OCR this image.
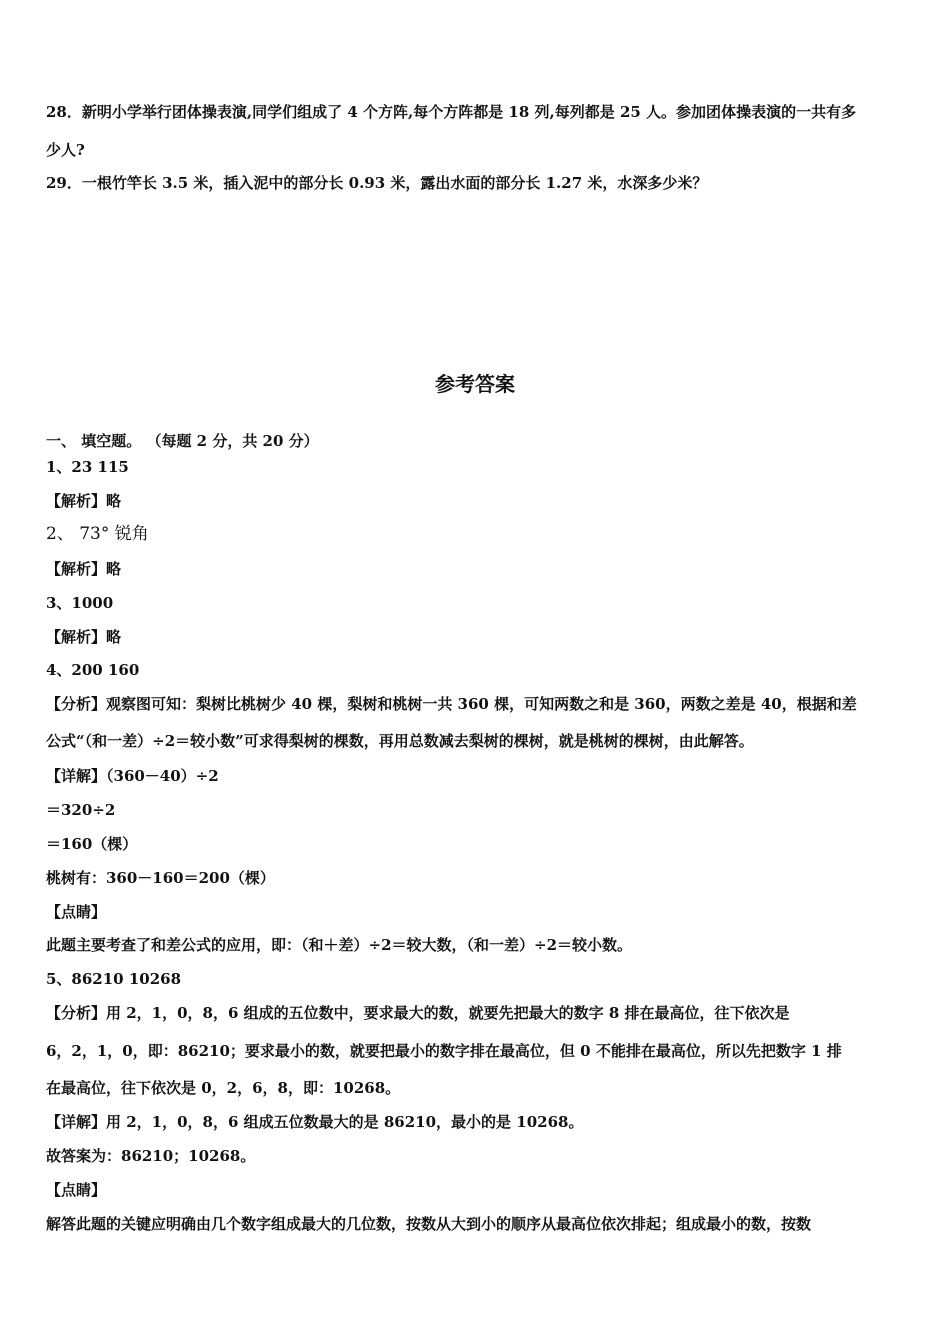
28．新明小学举行团体操表演,同学们组成了 4 个方阵,每个方阵都是 18 列,每列都是 25 人。参加团体操表演的一共有多
少人?
29．一根竹竿长 3.5 米，插入泥中的部分长 0.93 米，露出水面的部分长 1.27 米，水深多少米？
参考答案
一、 填空题。 （每题 2 分，共 20 分）
1、23 115
【解析】略
2、 73° 锐角
【解析】略
3、1000
【解析】略
4、200 160
【分析】观察图可知：梨树比桃树少 40 棵，梨树和桃树一共 360 棵，可知两数之和是 360，两数之差是 40，根据和差
公式“（和一差）÷2＝较小数”可求得梨树的棵数，再用总数减去梨树的棵树，就是桃树的棵树，由此解答。
【详解】（360－40）÷2
＝320÷2
＝160（棵）
桃树有：360－160＝200（棵）
【点睛】
此题主要考查了和差公式的应用，即：（和＋差）÷2＝较大数，（和一差）÷2＝较小数。
5、86210 10268
【分析】用 2，1，0，8，6 组成的五位数中，要求最大的数，就要先把最大的数字 8 排在最高位，往下依次是
6，2，1，0，即：86210；要求最小的数，就要把最小的数字排在最高位，但 0 不能排在最高位，所以先把数字 1 排
在最高位，往下依次是 0，2，6，8，即：10268。
【详解】用 2，1，0，8，6 组成五位数最大的是 86210，最小的是 10268。
故答案为：86210；10268。
【点睛】
解答此题的关键应明确由几个数字组成最大的几位数，按数从大到小的顺序从最高位依次排起；组成最小的数，按数
